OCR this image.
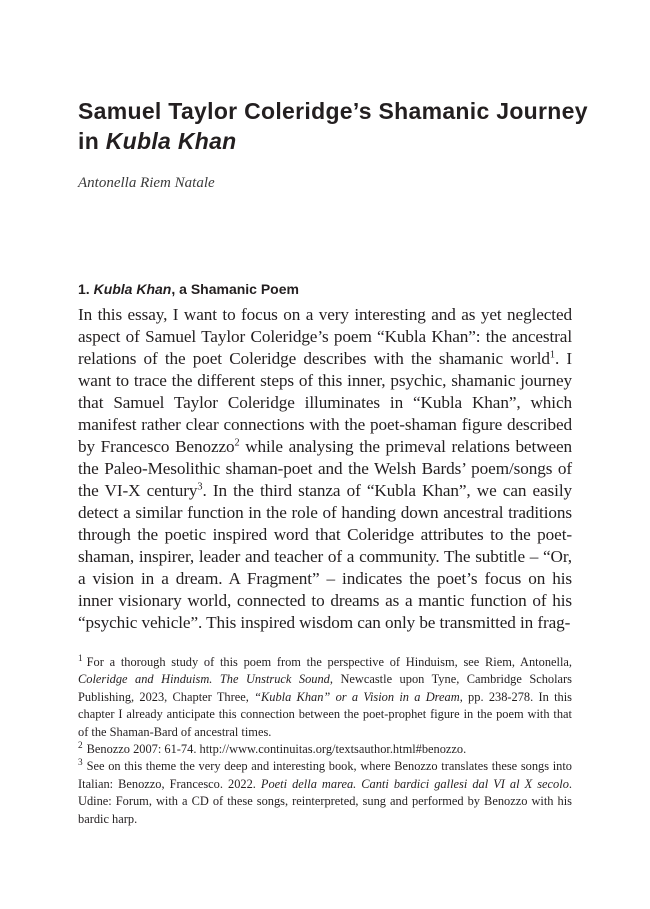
Samuel Taylor Coleridge’s Shamanic Journey
in Kubla Khan
Antonella Riem Natale
1. Kubla Khan, a Shamanic Poem
In this essay, I want to focus on a very interesting and as yet neglected aspect of Samuel Taylor Coleridge’s poem “Kubla Khan”: the ancestral relations of the poet Coleridge describes with the shamanic world$^1$. I want to trace the different steps of this inner, psychic, shamanic journey that Samuel Taylor Coleridge illuminates in “Kubla Khan”, which manifest rather clear connections with the poet-shaman figure described by Francesco Benozzo$^2$ while analysing the primeval relations between the Paleo-Mesolithic shaman-poet and the Welsh Bards’ poem/songs of the VI-X century$^3$. In the third stanza of “Kubla Khan”, we can easily detect a similar function in the role of handing down ancestral traditions through the poetic inspired word that Coleridge attributes to the poet-shaman, inspirer, leader and teacher of a community. The subtitle – “Or, a vision in a dream. A Fragment” – indicates the poet’s focus on his inner visionary world, connected to dreams as a mantic function of his “psychic vehicle”. This inspired wisdom can only be transmitted in frag-

$^1$ For a thorough study of this poem from the perspective of Hinduism, see Riem, Antonella, Coleridge and Hinduism. The Unstruck Sound, Newcastle upon Tyne, Cambridge Scholars Publishing, 2023, Chapter Three, “Kubla Khan” or a Vision in a Dream, pp. 238-278. In this chapter I already anticipate this connection between the poet-prophet figure in the poem with that of the Shaman-Bard of ancestral times.

$^2$ Benozzo 2007: 61-74. http://www.continuitas.org/textsauthor.html#benozzo.

$^3$ See on this theme the very deep and interesting book, where Benozzo translates these songs into Italian: Benozzo, Francesco. 2022. Poeti della marea. Canti bardici gallesi dal VI al X secolo. Udine: Forum, with a CD of these songs, reinterpreted, sung and performed by Benozzo with his bardic harp.
